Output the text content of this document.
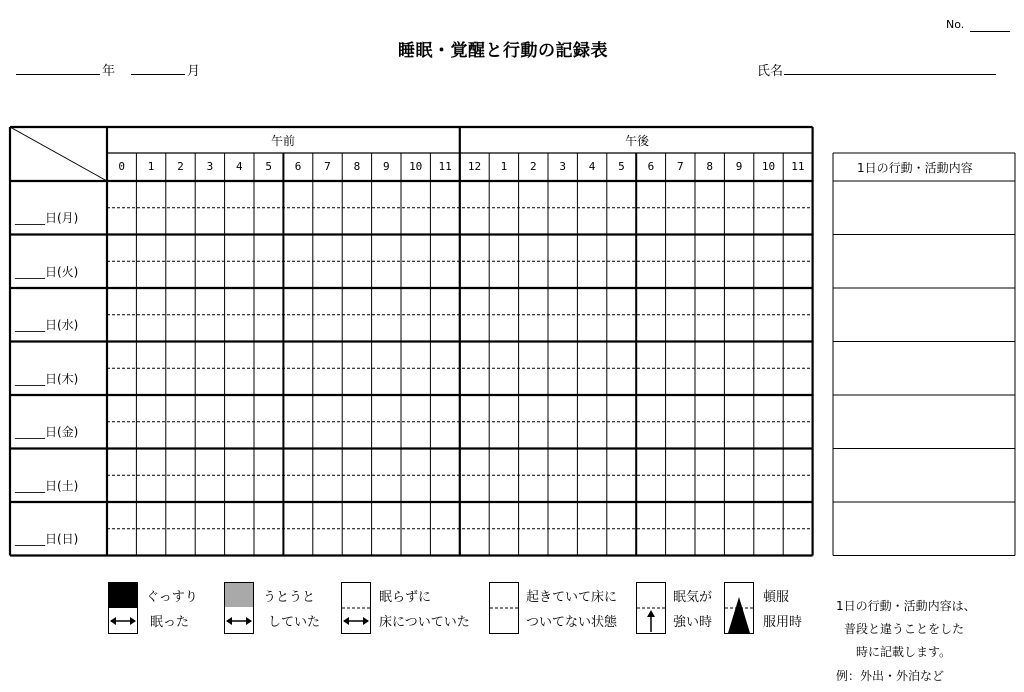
No.
睡眠・覚醒と行動の記録表
年	月	氏名
午前	午後
1日の行動・活動内容
0	1	2	3	4	5	6	7	8	9	10	11	12	1	2	3	4	5	6	7	8	9	10	11
_____日(月)
_____日(火)
_____日(水)
_____日(木)
_____日(金)
_____日(土)
_____日(日)
ぐっすり
眠った
うとうと
していた
眠らずに
床についていた
起きていて床に
ついてない状態
眠気が
強い時
頓服
服用時
1日の行動・活動内容は、
普段と違うことをした
時に記載します。
例：外出・外泊など
